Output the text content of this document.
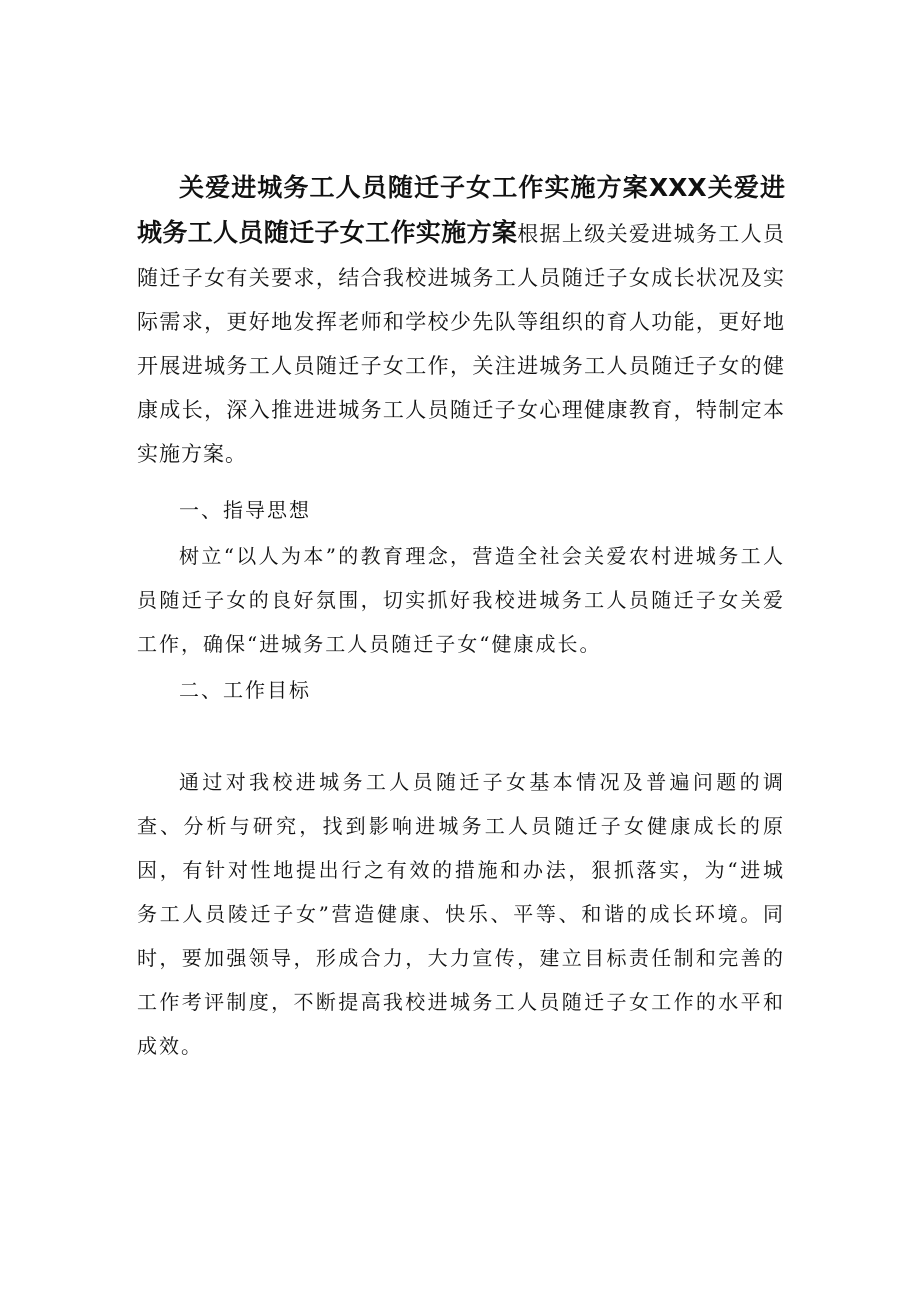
关爱进城务工人员随迁子女工作实施方案XXX关爱进城务工人员随迁子女工作实施方案根据上级关爱进城务工人员随迁子女有关要求，结合我校进城务工人员随迁子女成长状况及实际需求，更好地发挥老师和学校少先队等组织的育人功能，更好地开展进城务工人员随迁子女工作，关注进城务工人员随迁子女的健康成长，深入推进进城务工人员随迁子女心理健康教育，特制定本实施方案。

一、指导思想

树立“以人为本”的教育理念，营造全社会关爱农村进城务工人员随迁子女的良好氛围，切实抓好我校进城务工人员随迁子女关爱工作，确保“进城务工人员随迁子女“健康成长。

二、工作目标

通过对我校进城务工人员随迁子女基本情况及普遍问题的调查、分析与研究，找到影响进城务工人员随迁子女健康成长的原因，有针对性地提出行之有效的措施和办法，狠抓落实，为“进城务工人员陵迁子女”营造健康、快乐、平等、和谐的成长环境。同时，要加强领导，形成合力，大力宣传，建立目标责任制和完善的工作考评制度，不断提高我校进城务工人员随迁子女工作的水平和成效。
